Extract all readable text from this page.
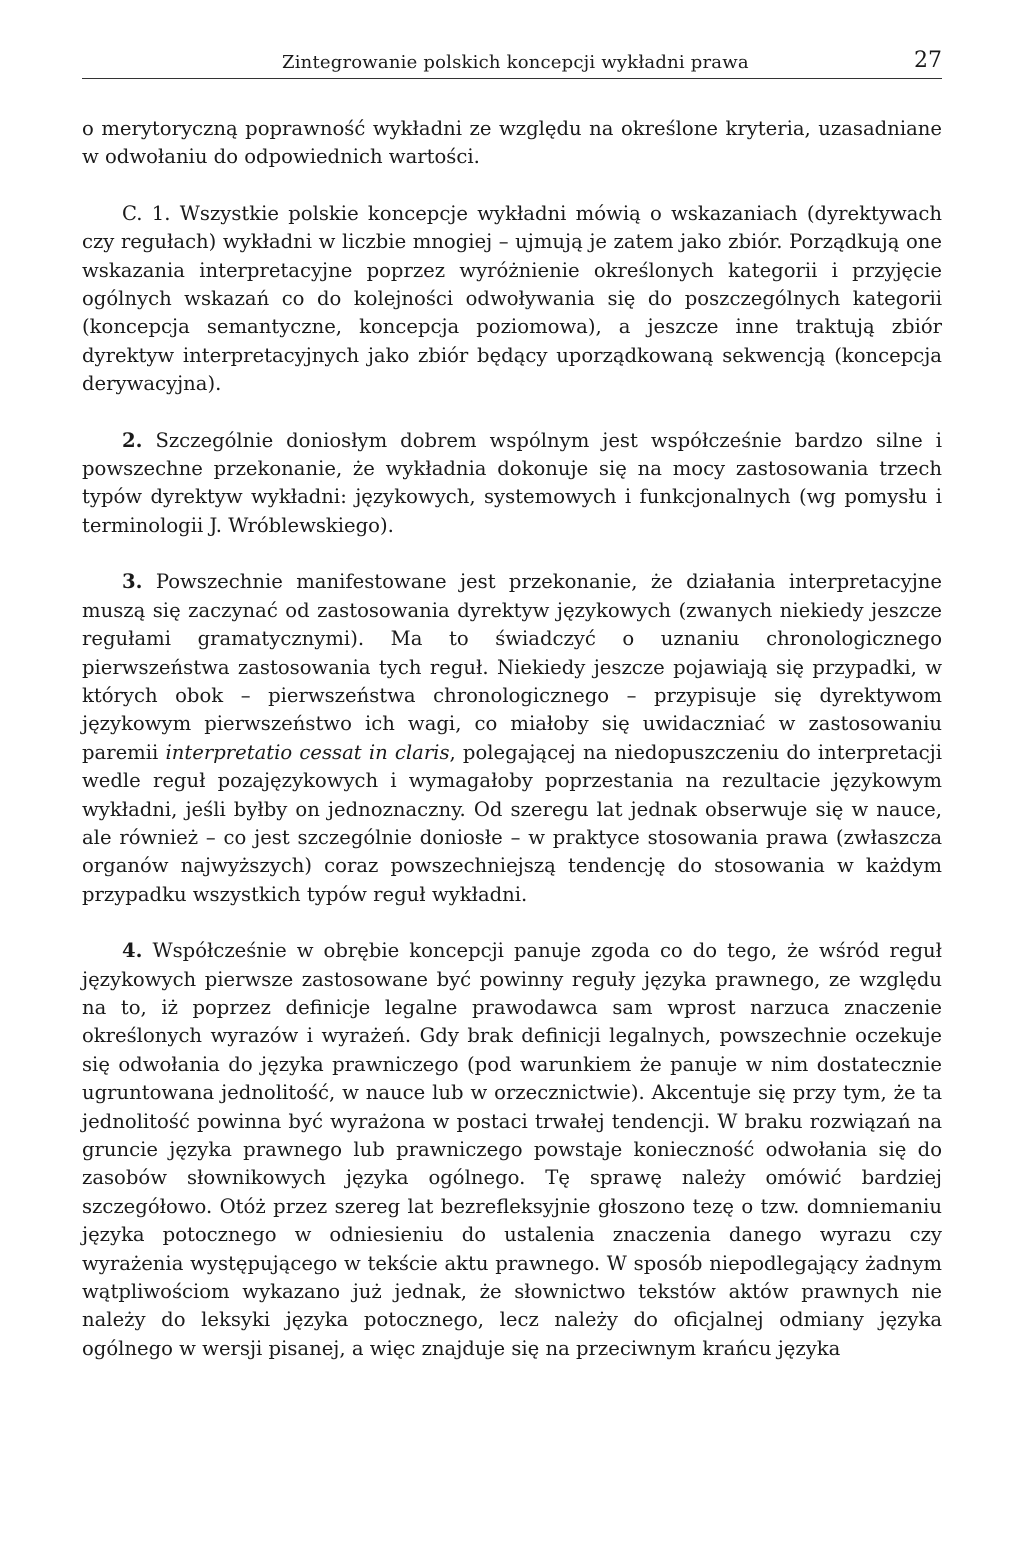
Zintegrowanie polskich koncepcji wykładni prawa	27

o merytoryczną poprawność wykładni ze względu na określone kryteria, uzasadniane w odwołaniu do odpowiednich wartości.

C. 1. Wszystkie polskie koncepcje wykładni mówią o wskazaniach (dyrektywach czy regułach) wykładni w liczbie mnogiej – ujmują je zatem jako zbiór. Porządkują one wskazania interpretacyjne poprzez wyróżnienie określonych kategorii i przyjęcie ogólnych wskazań co do kolejności odwoływania się do poszczególnych kategorii (koncepcja semantyczne, koncepcja poziomowa), a jeszcze inne traktują zbiór dyrektyw interpretacyjnych jako zbiór będący uporządkowaną sekwencją (koncepcja derywacyjna).

2. Szczególnie doniosłym dobrem wspólnym jest współcześnie bardzo silne i powszechne przekonanie, że wykładnia dokonuje się na mocy zastosowania trzech typów dyrektyw wykładni: językowych, systemowych i funkcjonalnych (wg pomysłu i terminologii J. Wróblewskiego).

3. Powszechnie manifestowane jest przekonanie, że działania interpretacyjne muszą się zaczynać od zastosowania dyrektyw językowych (zwanych niekiedy jeszcze regułami gramatycznymi). Ma to świadczyć o uznaniu chronologicznego pierwszeństwa zastosowania tych reguł. Niekiedy jeszcze pojawiają się przypadki, w których obok – pierwszeństwa chronologicznego – przypisuje się dyrektywom językowym pierwszeństwo ich wagi, co miałoby się uwidaczniać w zastosowaniu paremii interpretatio cessat in claris, polegającej na niedopuszczeniu do interpretacji wedle reguł pozajęzykowych i wymagałoby poprzestania na rezultacie językowym wykładni, jeśli byłby on jednoznaczny. Od szeregu lat jednak obserwuje się w nauce, ale również – co jest szczególnie doniosłe – w praktyce stosowania prawa (zwłaszcza organów najwyższych) coraz powszechniejszą tendencję do stosowania w każdym przypadku wszystkich typów reguł wykładni.

4. Współcześnie w obrębie koncepcji panuje zgoda co do tego, że wśród reguł językowych pierwsze zastosowane być powinny reguły języka prawnego, ze względu na to, iż poprzez definicje legalne prawodawca sam wprost narzuca znaczenie określonych wyrazów i wyrażeń. Gdy brak definicji legalnych, powszechnie oczekuje się odwołania do języka prawniczego (pod warunkiem że panuje w nim dostatecznie ugruntowana jednolitość, w nauce lub w orzecznictwie). Akcentuje się przy tym, że ta jednolitość powinna być wyrażona w postaci trwałej tendencji. W braku rozwiązań na gruncie języka prawnego lub prawniczego powstaje konieczność odwołania się do zasobów słownikowych języka ogólnego. Tę sprawę należy omówić bardziej szczegółowo. Otóż przez szereg lat bezrefleksyjnie głoszono tezę o tzw. domniemaniu języka potocznego w odniesieniu do ustalenia znaczenia danego wyrazu czy wyrażenia występującego w tekście aktu prawnego. W sposób niepodlegający żadnym wątpliwościom wykazano już jednak, że słownictwo tekstów aktów prawnych nie należy do leksyki języka potocznego, lecz należy do oficjalnej odmiany języka ogólnego w wersji pisanej, a więc znajduje się na przeciwnym krańcu języka
